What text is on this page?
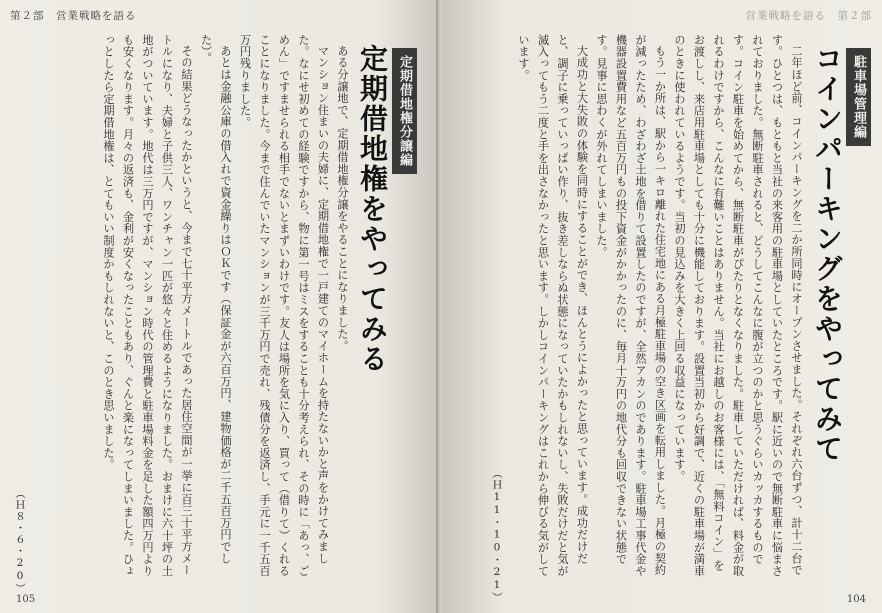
第２部　営業戦略を語る
定期借地権分譲編
定期借地権をやってみる

ある分譲地で、定期借地権分譲をやることになりました。

マンション住まいの夫婦に、定期借地権で一戸建てのマイホームを持たないかと声をかけてみました。なにせ初めての経験ですから、物に第一号はミスをすることも十分考えられ、その時に「あっ、ごめん」ですませられる相手でないとまずいわけです。友人は場所を気に入り、買って（借りて）くれることになりました。今まで住んでいたマンションが三千万円で売れ、残債分を返済し、手元に一千五百万円残りました。

あとは金融公庫の借入れで資金繰りはＯＫです（保証金が六百万円、建物価格が二千五百万円でした）。

その結果どうなったかというと、今まで七十平方メートルであった居住空間が一挙に百三十平方メートルになり、夫婦と子供三人、ワンチャン一匹が悠々と住めるようになりました。おまけに六十坪の土地がついています。地代は三万円ですが、マンション時代の管理費と駐車場料金を足した額四万円よりも安くなります。月々の返済も、金利が安くなったこともあり、ぐんと楽になってしまいました。ひょっとしたら定期借地権は、とてもいい制度かもしれないと、このとき思いました。

（Ｈ８・６・20）
105
営業戦略を語る　第２部
駐車場管理編
コインパーキングをやってみて

二年ほど前、コインパーキングを二か所同時にオープンさせました。それぞれ六台ずつ、計十二台です。ひとつは、もともと当社の来客用の駐車場としていたところです。駅に近いので無断駐車に悩まされておりました。無断駐車されると、どうしてこんなに腹が立つのかと思うぐらいカッカするものです。コイン駐車を始めてから、無断駐車がぴたりとなくなりました。駐車していただければ、料金が取れるわけですから、こんなに有難いことはありません。当社にお越しのお客様には、「無料コイン」をお渡しし、来店用駐車場としても十分に機能しております。設置当初から好調で、近くの駐車場が満車のときに使われているようです。当初の見込みを大きく上回る収益になっています。

もう一か所は、駅から一キロ離れた住宅地にある月極駐車場の空き区画を転用しました。月極の契約が減ったため、わざわざ土地を借りて設置したのですが、全然アカンのであります。駐車場工事代金や機器設置費用など五百万円もの投下資金がかかったのに、毎月十万円の地代分も回収できない状態です。見事に思わくが外れてしまいました。

大成功と大失敗の体験を同時にすることができ、ほんとうによかったと思っています。成功だけだと、調子に乗っていっぱい作り、抜き差しならぬ状態になっていたかもしれないし、失敗だけだと気が滅入ってもう二度と手を出さなかったと思います。しかしコインパーキングはこれから伸びる気がしています。

（Ｈ11・10・21）	104
